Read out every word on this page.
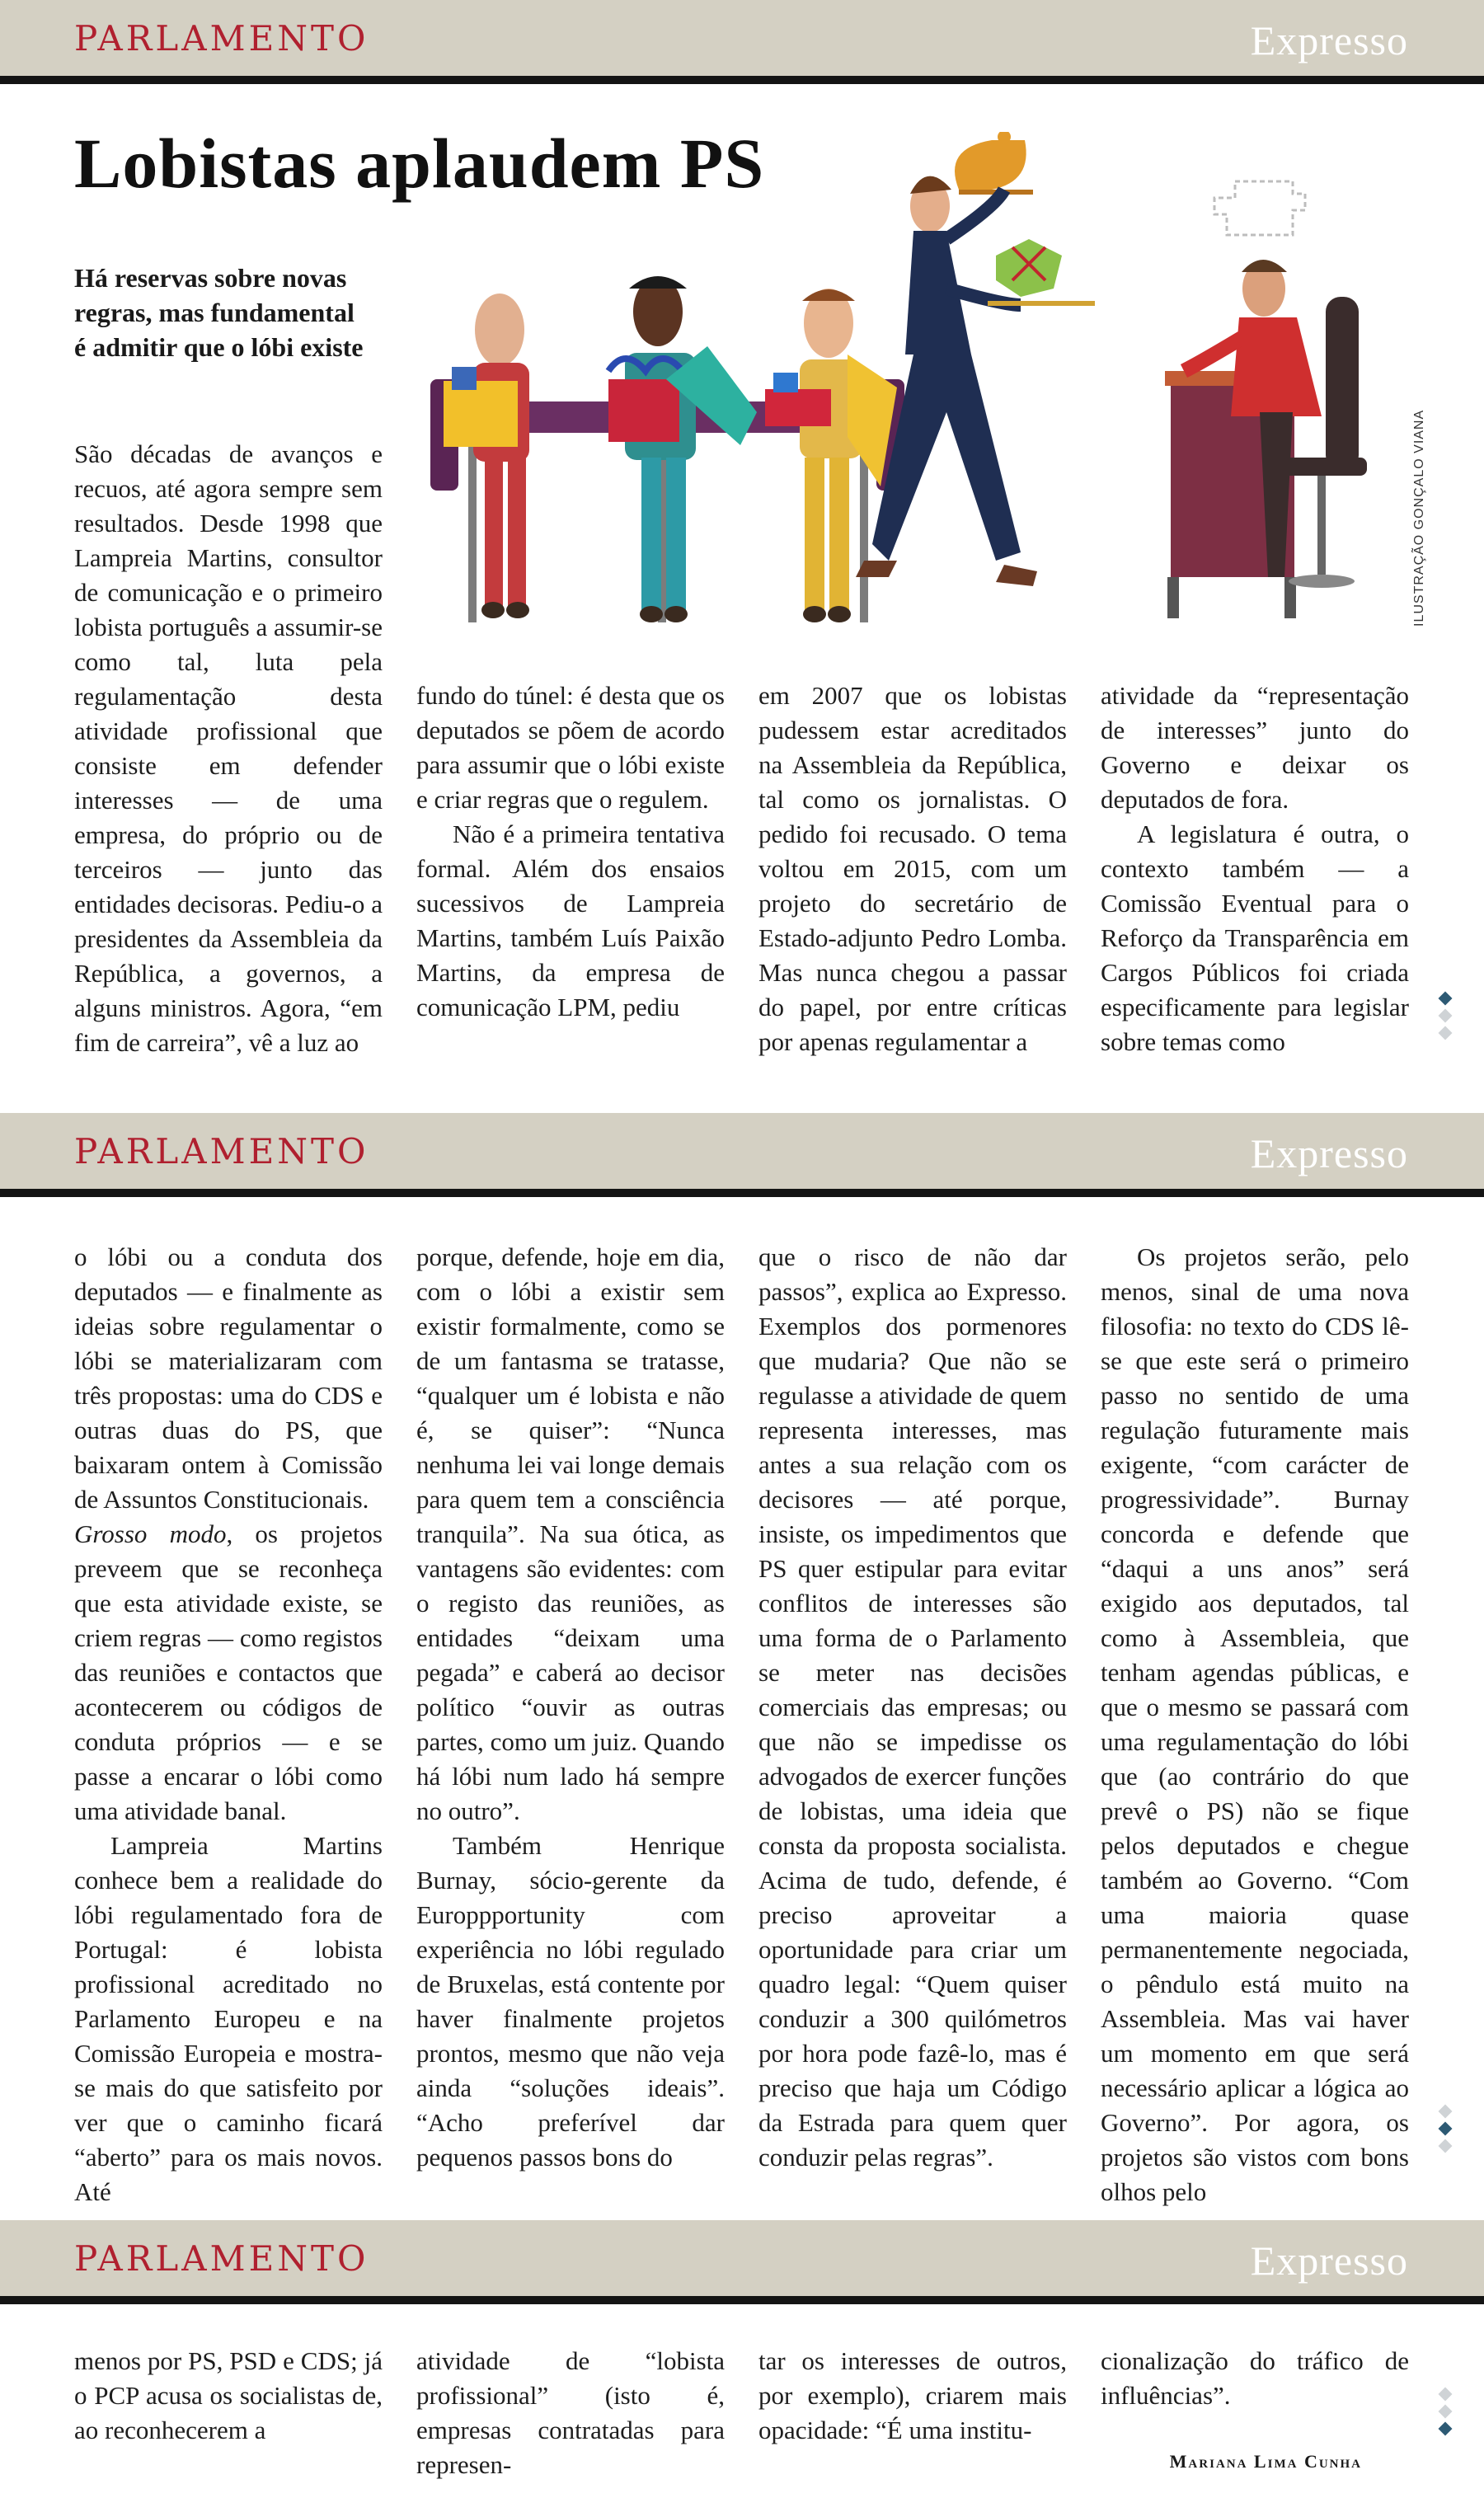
PARLAMENTO	Expresso
Lobistas aplaudem PS

Há reservas sobre novas regras, mas fundamental é admitir que o lóbi existe

ILUSTRAÇÃO GONÇALO VIANA

São décadas de avanços e recuos, até agora sempre sem resultados. Desde 1998 que Lampreia Martins, consultor de comunicação e o primeiro lobista português a assumir-se como tal, luta pela regulamentação desta atividade profissional que consiste em defender interesses — de uma empresa, do próprio ou de terceiros — junto das entidades decisoras. Pediu-o a presidentes da Assembleia da República, a governos, a alguns ministros. Agora, “em fim de carreira”, vê a luz ao

fundo do túnel: é desta que os deputados se põem de acordo para assumir que o lóbi existe e criar regras que o regulem.

Não é a primeira tentativa formal. Além dos ensaios sucessivos de Lampreia Martins, também Luís Paixão Martins, da empresa de comunicação LPM, pediu

em 2007 que os lobistas pudessem estar acreditados na Assembleia da República, tal como os jornalistas. O pedido foi recusado. O tema voltou em 2015, com um projeto do secretário de Estado-adjunto Pedro Lomba. Mas nunca chegou a passar do papel, por entre críticas por apenas regulamentar a

atividade da “representação de interesses” junto do Governo e deixar os deputados de fora.

A legislatura é outra, o contexto também — a Comissão Eventual para o Reforço da Transparência em Cargos Públicos foi criada especificamente para legislar sobre temas como

PARLAMENTO	Expresso

o lóbi ou a conduta dos deputados — e finalmente as ideias sobre regulamentar o lóbi se materializaram com três propostas: uma do CDS e outras duas do PS, que baixaram ontem à Comissão de Assuntos Constitucionais.

Grosso modo, os projetos preveem que se reconheça que esta atividade existe, se criem regras — como registos das reuniões e contactos que acontecerem ou códigos de conduta próprios — e se passe a encarar o lóbi como uma atividade banal.

Lampreia Martins conhece bem a realidade do lóbi regulamentado fora de Portugal: é lobista profissional acreditado no Parlamento Europeu e na Comissão Europeia e mostra-se mais do que satisfeito por ver que o caminho ficará “aberto” para os mais novos. Até

porque, defende, hoje em dia, com o lóbi a existir sem existir formalmente, como se de um fantasma se tratasse, “qualquer um é lobista e não é, se quiser”: “Nunca nenhuma lei vai longe demais para quem tem a consciência tranquila”. Na sua ótica, as vantagens são evidentes: com o registo das reuniões, as entidades “deixam uma pegada” e caberá ao decisor político “ouvir as outras partes, como um juiz. Quando há lóbi num lado há sempre no outro”.

Também Henrique Burnay, sócio-gerente da Europpportunity com experiência no lóbi regulado de Bruxelas, está contente por haver finalmente projetos prontos, mesmo que não veja ainda “soluções ideais”. “Acho preferível dar pequenos passos bons do

que o risco de não dar passos”, explica ao Expresso. Exemplos dos pormenores que mudaria? Que não se regulasse a atividade de quem representa interesses, mas antes a sua relação com os decisores — até porque, insiste, os impedimentos que PS quer estipular para evitar conflitos de interesses são uma forma de o Parlamento se meter nas decisões comerciais das empresas; ou que não se impedisse os advogados de exercer funções de lobistas, uma ideia que consta da proposta socialista. Acima de tudo, defende, é preciso aproveitar a oportunidade para criar um quadro legal: “Quem quiser conduzir a 300 quilómetros por hora pode fazê-lo, mas é preciso que haja um Código da Estrada para quem quer conduzir pelas regras”.

Os projetos serão, pelo menos, sinal de uma nova filosofia: no texto do CDS lê-se que este será o primeiro passo no sentido de uma regulação futuramente mais exigente, “com carácter de progressividade”. Burnay concorda e defende que “daqui a uns anos” será exigido aos deputados, tal como à Assembleia, que tenham agendas públicas, e que o mesmo se passará com uma regulamentação do lóbi que (ao contrário do que prevê o PS) não se fique pelos deputados e chegue também ao Governo. “Com uma maioria quase permanentemente negociada, o pêndulo está muito na Assembleia. Mas vai haver um momento em que será necessário aplicar a lógica ao Governo”. Por agora, os projetos são vistos com bons olhos pelo

PARLAMENTO	Expresso

menos por PS, PSD e CDS; já o PCP acusa os socialistas de, ao reconhecerem a

atividade de “lobista profissional” (isto é, empresas contratadas para represen-

tar os interesses de outros, por exemplo), criarem mais opacidade: “É uma institu-

cionalização do tráfico de influências”.

Mariana Lima Cunha
